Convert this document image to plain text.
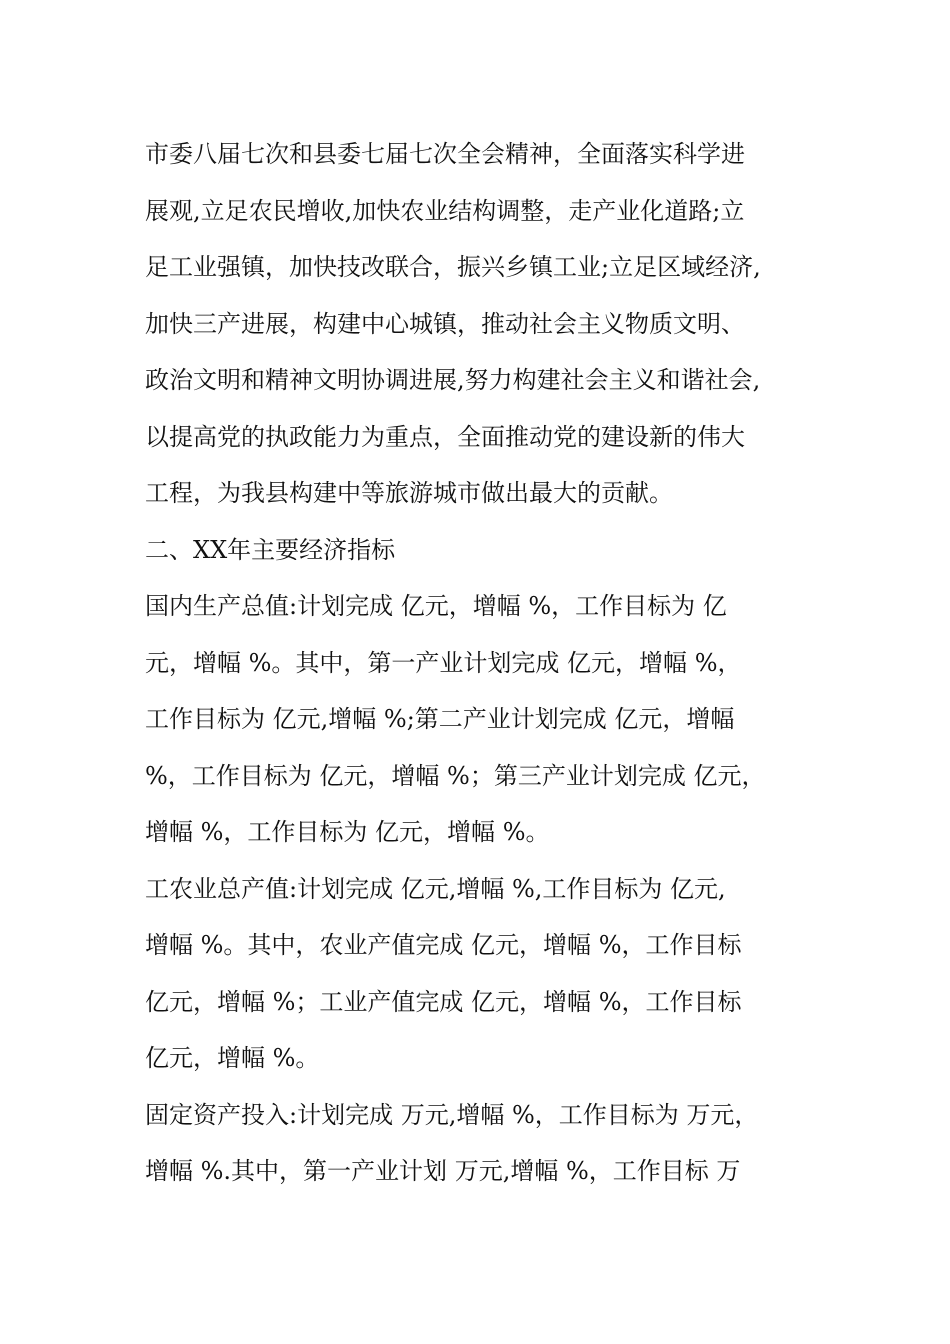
市委八届七次和县委七届七次全会精神，全面落实科学进
展观,立足农民增收,加快农业结构调整，走产业化道路;立
足工业强镇，加快技改联合，振兴乡镇工业;立足区域经济,
加快三产进展，构建中心城镇，推动社会主义物质文明、
政治文明和精神文明协调进展,努力构建社会主义和谐社会,
以提高党的执政能力为重点，全面推动党的建设新的伟大
工程，为我县构建中等旅游城市做出最大的贡献。
二、XX年主要经济指标
国内生产总值:计划完成 亿元，增幅 %，工作目标为 亿
元，增幅 %。其中，第一产业计划完成 亿元，增幅 %，
工作目标为 亿元,增幅 %;第二产业计划完成 亿元，增幅
%，工作目标为 亿元，增幅 %；第三产业计划完成 亿元，
增幅 %，工作目标为 亿元，增幅 %。
工农业总产值:计划完成 亿元,增幅 %,工作目标为 亿元,
增幅 %。其中，农业产值完成 亿元，增幅 %，工作目标
亿元，增幅 %；工业产值完成 亿元，增幅 %，工作目标
亿元，增幅 %。
固定资产投入:计划完成 万元,增幅 %，工作目标为 万元，
增幅 %.其中，第一产业计划 万元,增幅 %，工作目标 万
